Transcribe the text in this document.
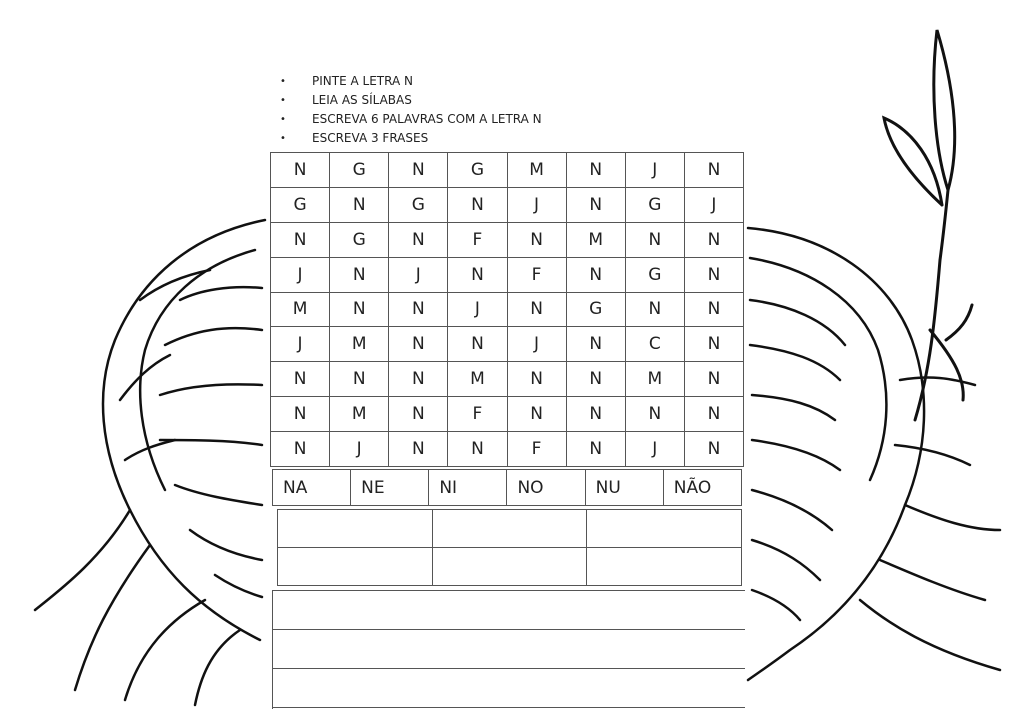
•	PINTE A LETRA N
•	LEIA AS SÍLABAS
•	ESCREVA 6 PALAVRAS COM A LETRA N
•	ESCREVA 3 FRASES
N	G	N	G	M	N	J	N
G	N	G	N	J	N	G	J
N	G	N	F	N	M	N	N
J	N	J	N	F	N	G	N
M	N	N	J	N	G	N	N
J	M	N	N	J	N	C	N
N	N	N	M	N	N	M	N
N	M	N	F	N	N	N	N
N	J	N	N	F	N	J	N
NA	NE	NI	NO	NU	NÃO
